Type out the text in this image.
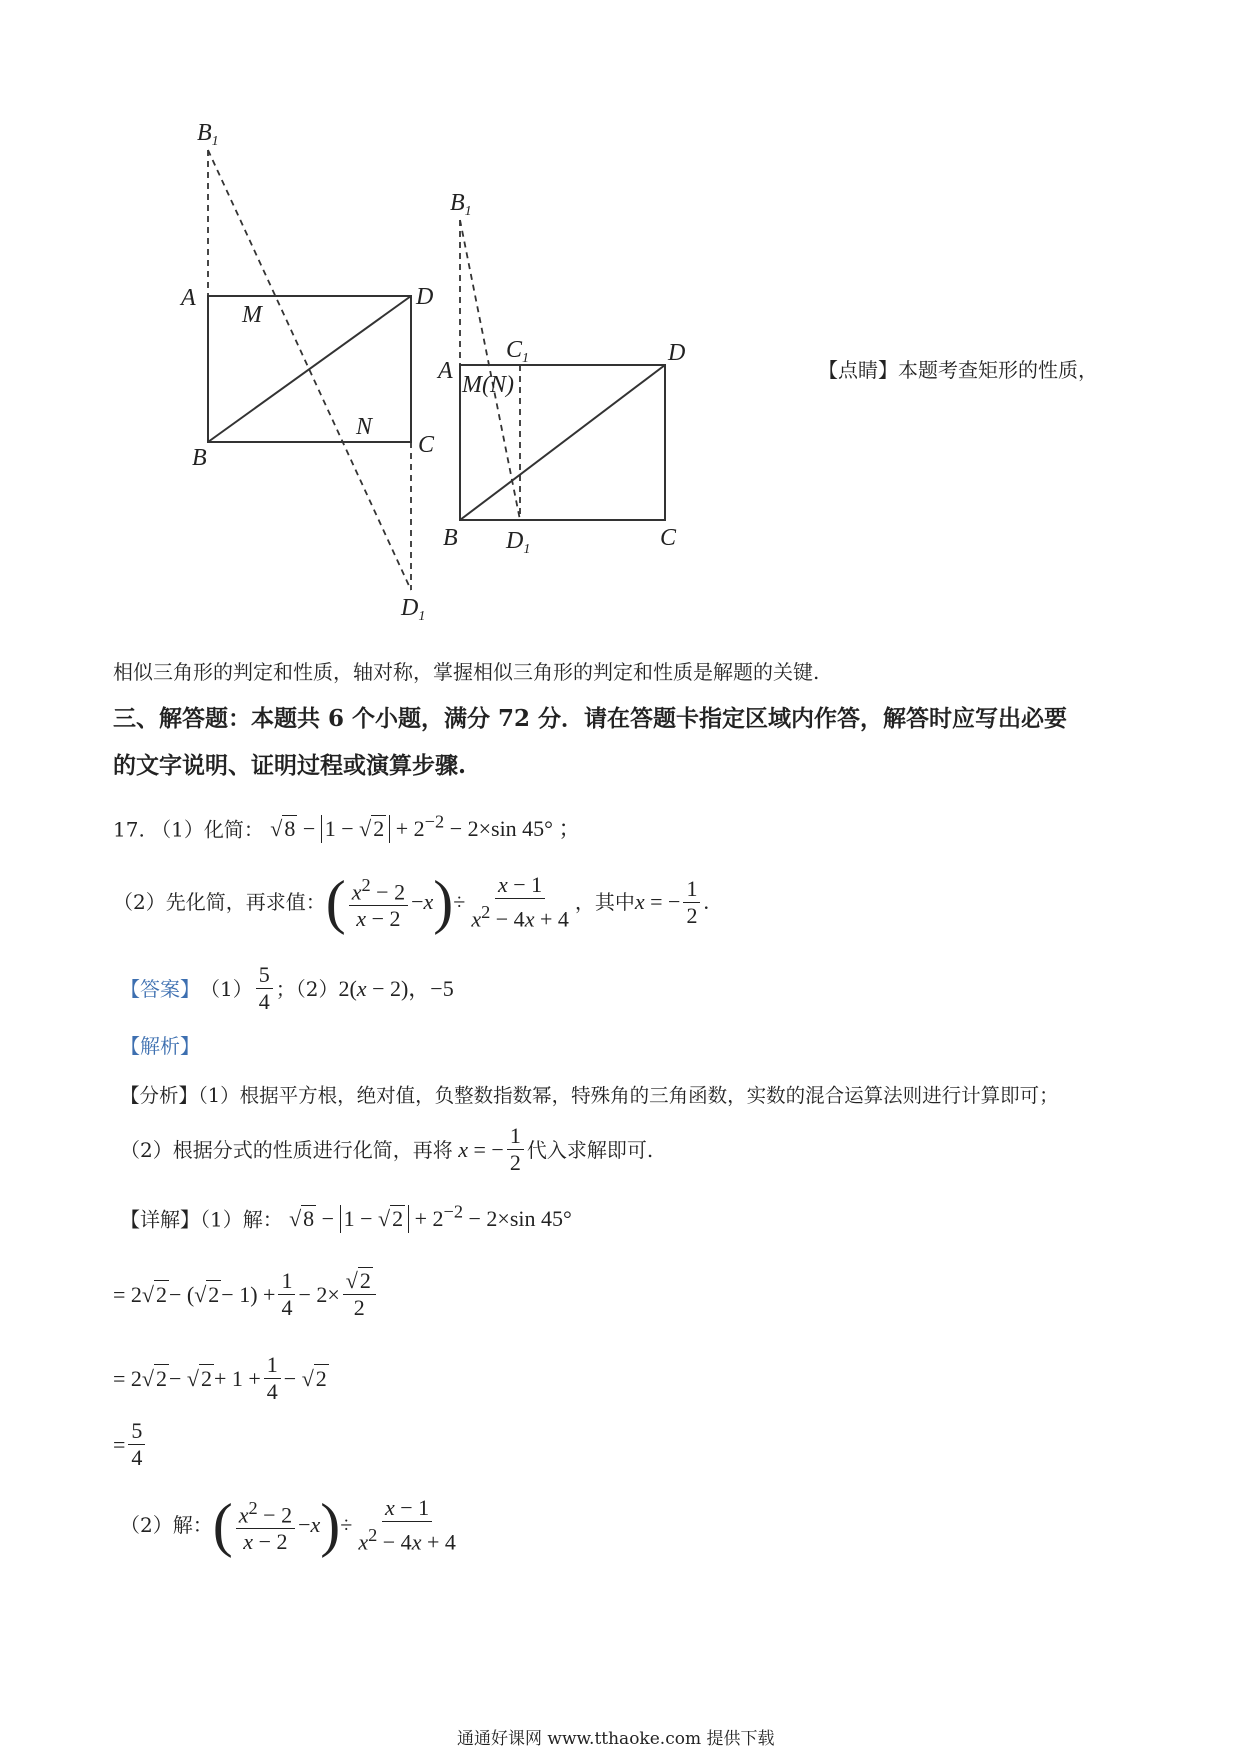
$B_1$
A
M
D
N
B	C
$D_1$
$B_1$
$C_1$	D
A
M(N)
B $D_1$	C
【点睛】本题考查矩形的性质，
相似三角形的判定和性质，轴对称，掌握相似三角形的判定和性质是解题的关键.
三、解答题：本题共 6 个小题，满分 72 分．请在答题卡指定区域内作答，解答时应写出必要
的文字说明、证明过程或演算步骤.
17. （1）化简： $√8 - 1 - √2 + 2^{-2} - 2\times\sin$ 45° ；
（2）先化简，再求值： ( $\frac{x^2 - 2}{x - 2} - x$ ) ÷ $\frac{x - 1}{x^2 - 4x + 4}$ ，其中 x = − $\frac{1}{2}$ .
【答案】 $(1) \frac{5}{4}$ ；（2） 2(x − 2) ，−5
【解析】
【分析】（1）根据平方根，绝对值，负整数指数幂，特殊角的三角函数，实数的混合运算法则进行计算即可；
（2）根据分式的性质进行化简，再将
x = − $\frac{1}{2}$ 代入求解即可.
【详解】（1）解： $√8 - 1 - √2 + 2^{-2} - 2\times\sin$ 45°
= 2√ 2 − (√ $2 - 1) + \frac{1}{4} - 2\times \frac{√2}{2}$
= 2√ 2 − √ $2 + 1 + \frac{1}{4}$ − √ 2
= $\frac{5}{4}$
（2）解： ( $\frac{x^2 - 2}{x - 2} - x$ ) ÷ $\frac{x - 1}{x^2 - 4x + 4}$
通通好课网 www.tthaoke.com 提供下载
